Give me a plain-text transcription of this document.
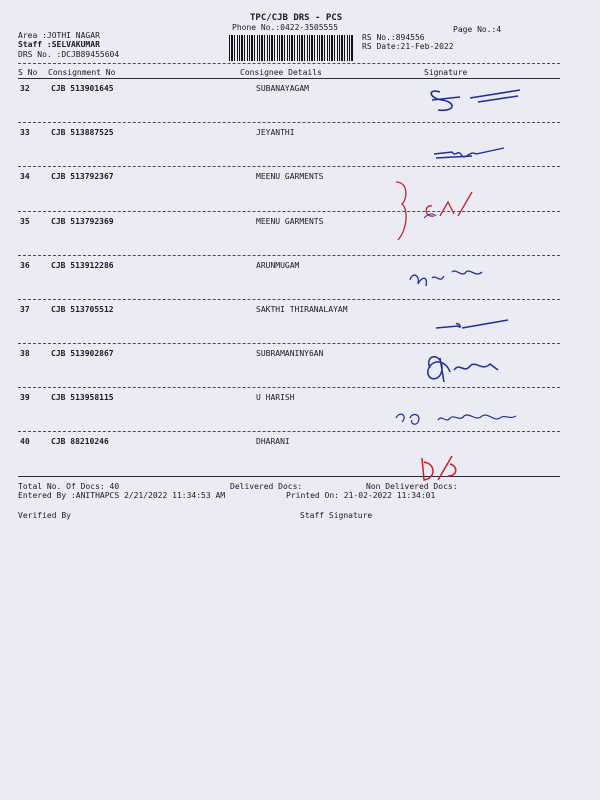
TPC/CJB DRS - PCS
Phone No.:0422-3505555
Area :JOTHI NAGAR
Staff :SELVAKUMAR
DRS No. :DCJB89455604
Page No.:4
RS No.:894556
RS Date:21-Feb-2022
S No Consignment No	Consignee Details	Signature
32	CJB 513901645	SUBANAYAGAM
33	CJB 513887525	JEYANTHI
34	CJB 513792367	MEENU GARMENTS
35	CJB 513792369	MEENU GARMENTS
36	CJB 513912286	ARUNMUGAM
37	CJB 513705512	SAKTHI THIRANALAYAM
38	CJB 513902867	SUBRAMANINY6AN
39	CJB 513958115	U HARISH
40	CJB 88210246	DHARANI
Total No. Of Docs: 40	Delivered Docs:	Non Delivered Docs:
Entered By :ANITHAPCS 2/21/2022 11:34:53 AM	Printed On: 21-02-2022 11:34:01
Verified By	Staff Signature
